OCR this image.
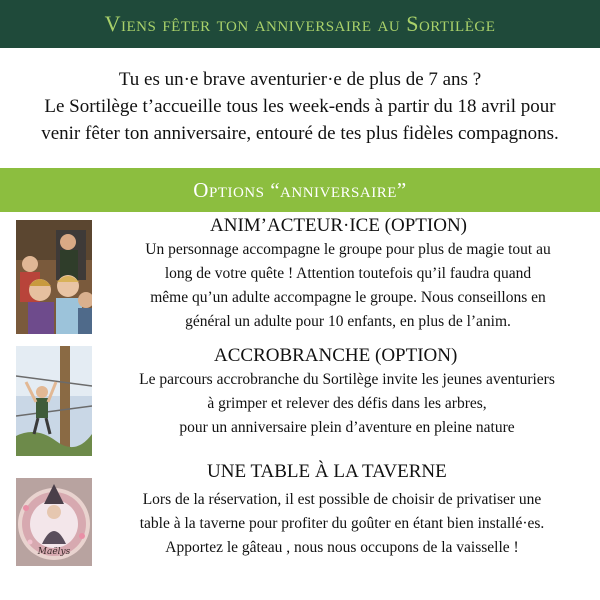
Viens fêter ton anniversaire au Sortilège
Tu es un·e brave aventurier·e de plus de 7 ans ?
Le Sortilège t’accueille tous les week-ends à partir du 18 avril pour
venir fêter ton anniversaire, entouré de tes plus fidèles compagnons.
Options “anniversaire”
ANIM’ACTEUR·ICE (OPTION)
Un personnage accompagne le groupe pour plus de magie tout au
long de votre quête ! Attention toutefois qu’il faudra quand
même qu’un adulte accompagne le groupe. Nous conseillons en
général un adulte pour 10 enfants, en plus de l’anim.
ACCROBRANCHE (OPTION)
Le parcours accrobranche du Sortilège invite les jeunes aventuriers
à grimper et relever des défis dans les arbres,
pour un anniversaire plein d’aventure en pleine nature
Maëlys
UNE TABLE À LA TAVERNE
Lors de la réservation, il est possible de choisir de privatiser une
table à la taverne pour profiter du goûter en étant bien installé·es.
Apportez le gâteau , nous nous occupons de la vaisselle !
